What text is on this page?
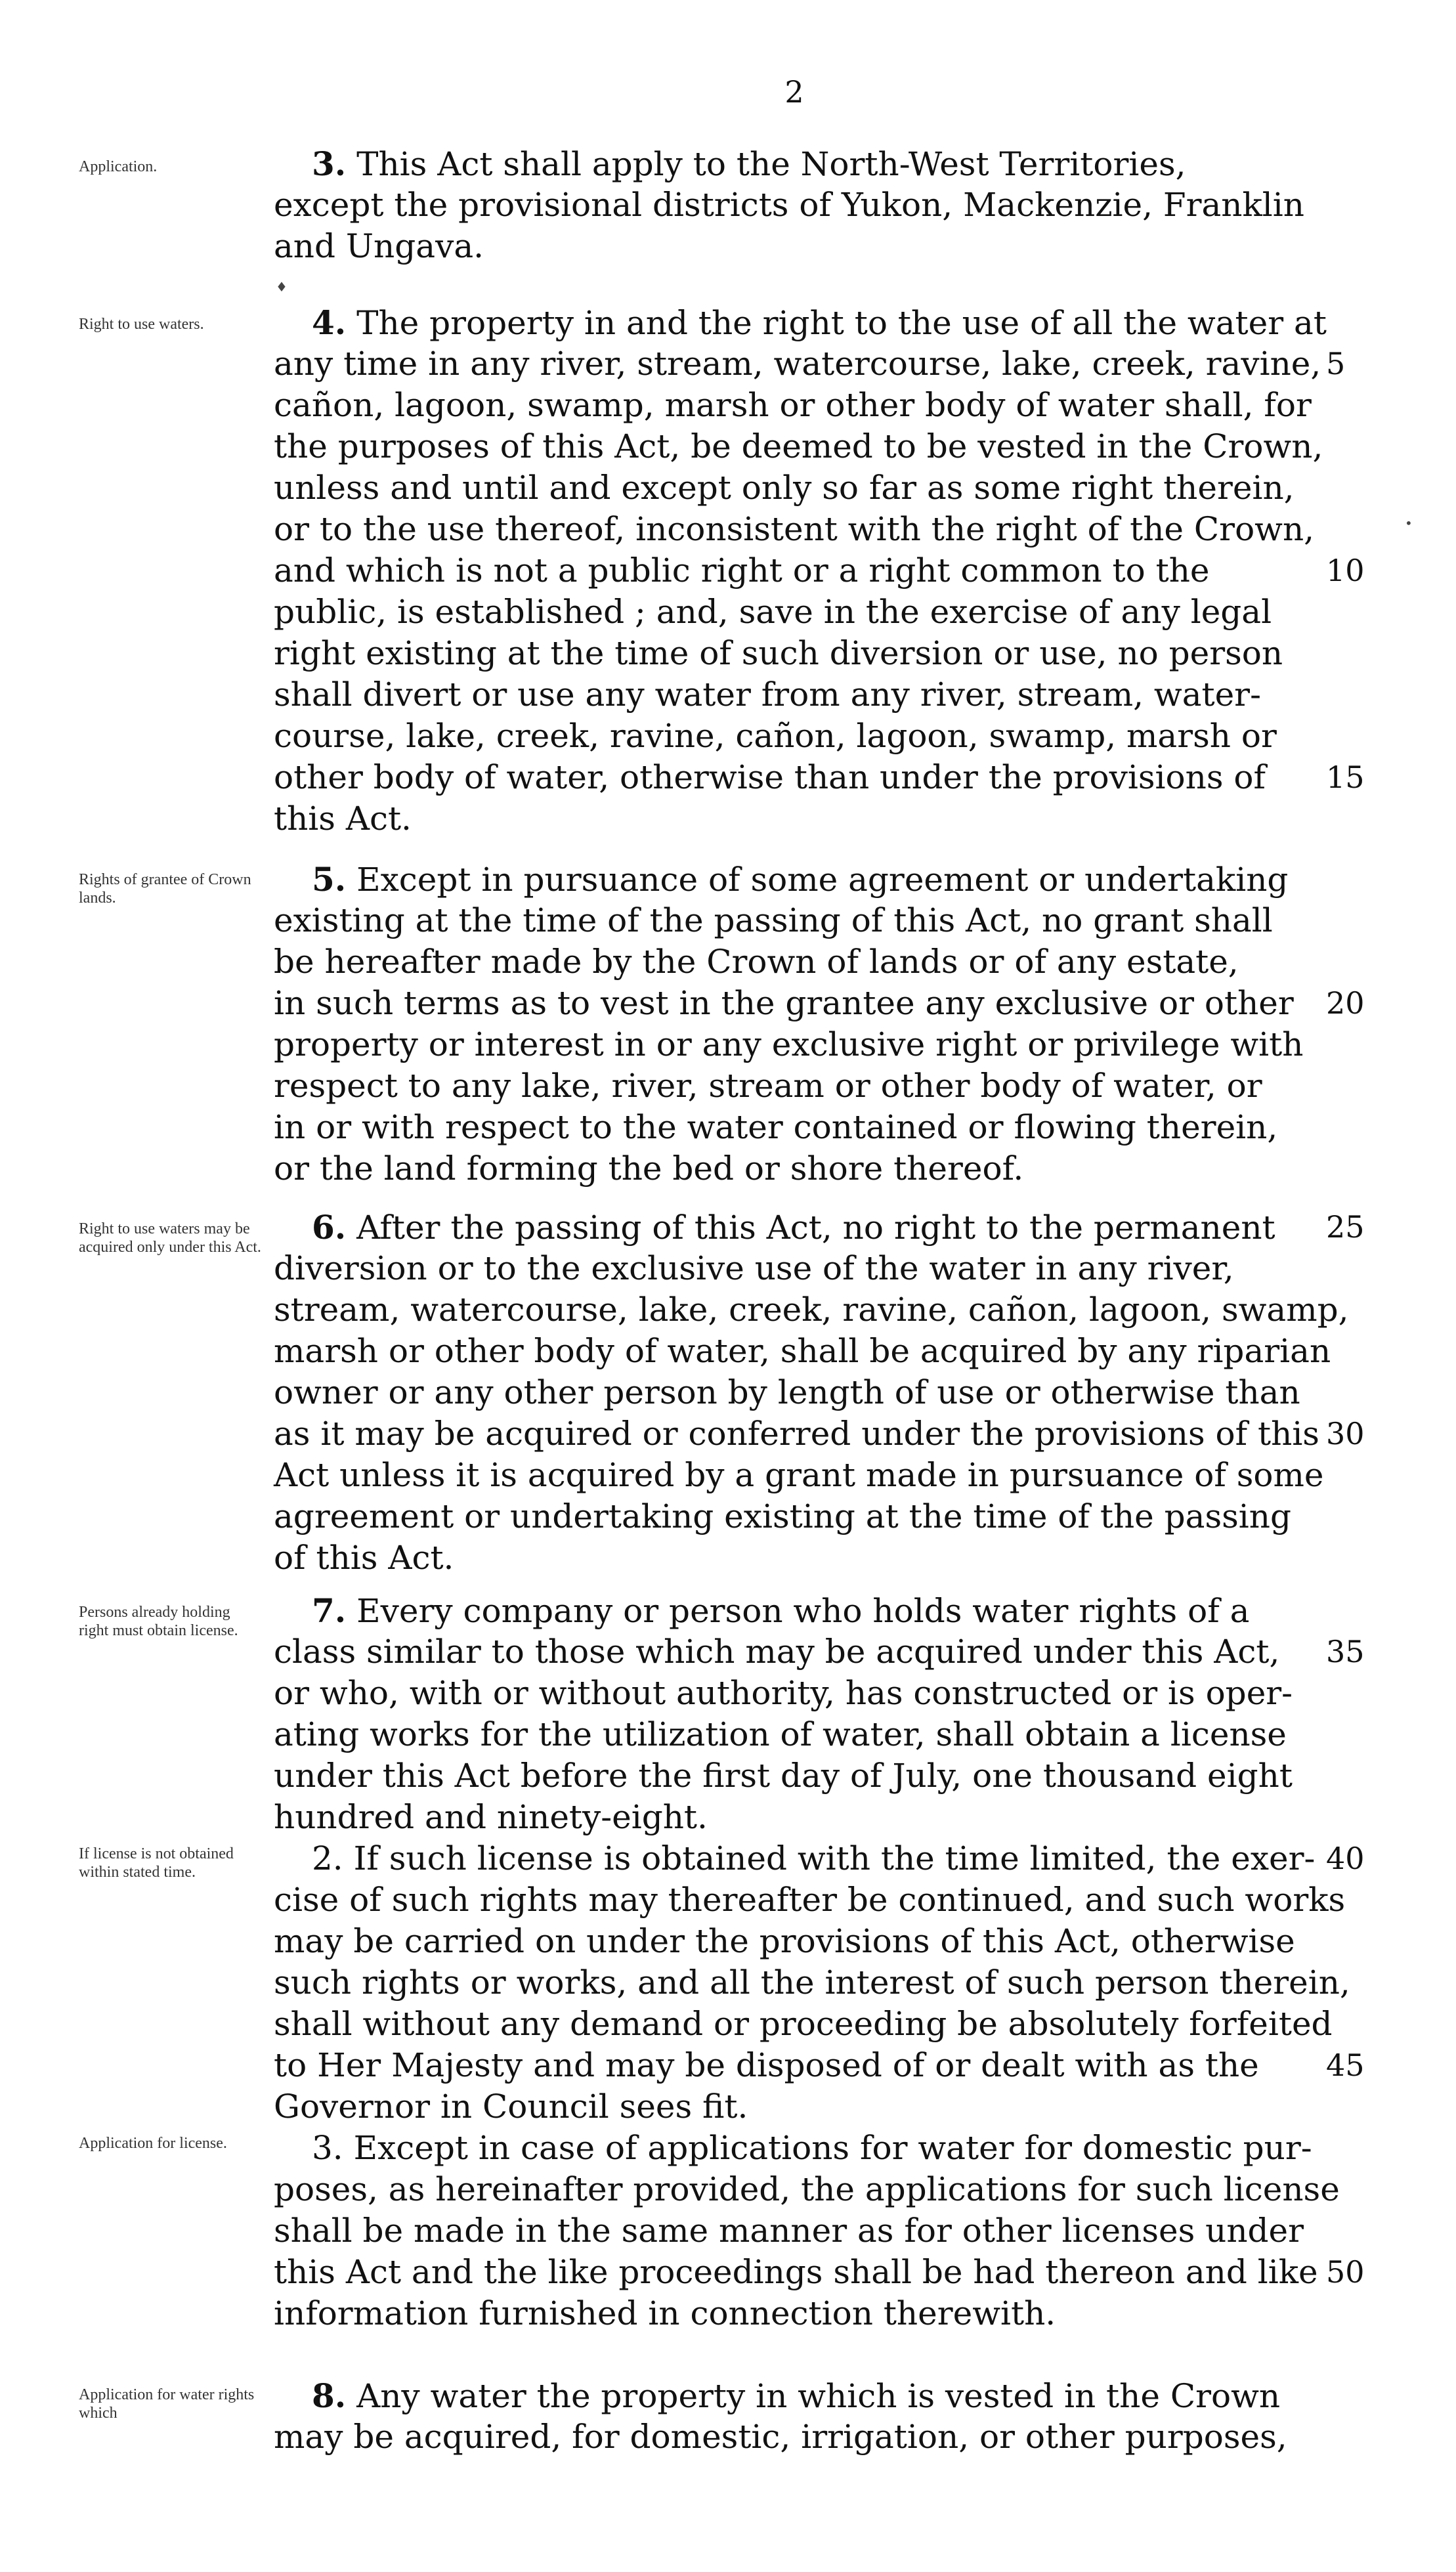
2
Application.	3. This Act shall apply to the North-West Territories,
except the provisional districts of Yukon, Mackenzie, Franklin
and Ungava.
Right to use waters.	4. The property in and the right to the use of all the water at
any time in any river, stream, watercourse, lake, creek, ravine,
cañon, lagoon, swamp, marsh or other body of water shall, for
the purposes of this Act, be deemed to be vested in the Crown,
unless and until and except only so far as some right therein,
or to the use thereof, inconsistent with the right of the Crown,
and which is not a public right or a right common to the
public, is established ; and, save in the exercise of any legal
right existing at the time of such diversion or use, no person
shall divert or use any water from any river, stream, water-
course, lake, creek, ravine, cañon, lagoon, swamp, marsh or
other body of water, otherwise than under the provisions of
this Act.
Rights of grantee of Crown lands.	5. Except in pursuance of some agreement or undertaking
existing at the time of the passing of this Act, no grant shall
be hereafter made by the Crown of lands or of any estate,
in such terms as to vest in the grantee any exclusive or other
property or interest in or any exclusive right or privilege with
respect to any lake, river, stream or other body of water, or
in or with respect to the water contained or flowing therein,
or the land forming the bed or shore thereof.
Right to use waters may be acquired only under this Act.
6. After the passing of this Act, no right to the permanent
diversion or to the exclusive use of the water in any river,
stream, watercourse, lake, creek, ravine, cañon, lagoon, swamp,
marsh or other body of water, shall be acquired by any riparian
owner or any other person by length of use or otherwise than
as it may be acquired or conferred under the provisions of this
Act unless it is acquired by a grant made in pursuance of some
agreement or undertaking existing at the time of the passing
of this Act.
Persons already holding right must obtain license.
7. Every company or person who holds water rights of a
class similar to those which may be acquired under this Act,
or who, with or without authority, has constructed or is oper-
ating works for the utilization of water, shall obtain a license
under this Act before the first day of July, one thousand eight
hundred and ninety-eight.
If license is not obtained within stated time.	2. If such license is obtained with the time limited, the exer-
cise of such rights may thereafter be continued, and such works
may be carried on under the provisions of this Act, otherwise
such rights or works, and all the interest of such person therein,
shall without any demand or proceeding be absolutely forfeited
to Her Majesty and may be disposed of or dealt with as the
Governor in Council sees fit.
Application for license.	3. Except in case of applications for water for domestic pur-
poses, as hereinafter provided, the applications for such license
shall be made in the same manner as for other licenses under
this Act and the like proceedings shall be had thereon and like
information furnished in connection therewith.
Application for water rights which	8. Any water the property in which is vested in the Crown
may be acquired, for domestic, irrigation, or other purposes,
5
10
15
20
25
30
35
40
45
50
♦
•
